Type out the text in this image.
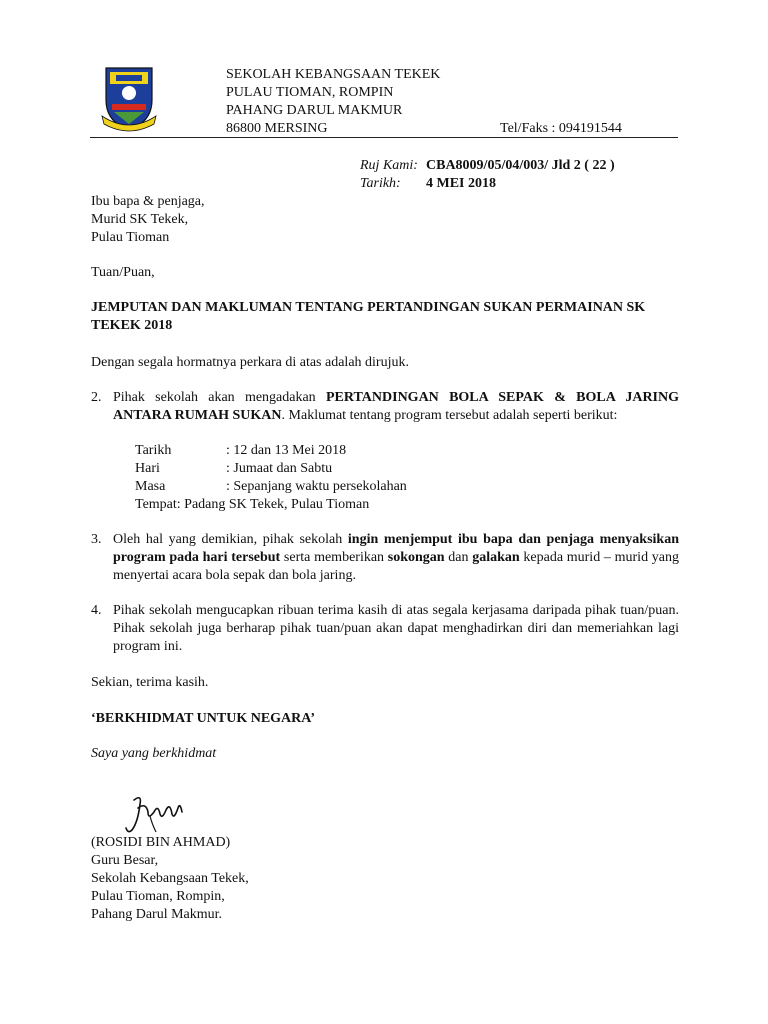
SEKOLAH KEBANGSAAN TEKEK
PULAU TIOMAN, ROMPIN
PAHANG DARUL MAKMUR
86800 MERSING	Tel/Faks : 094191544
Ruj Kami: CBA8009/05/04/003/ Jld 2 ( 22 )
Tarikh: 4 MEI 2018
Ibu bapa & penjaga,
Murid SK Tekek,
Pulau Tioman
Tuan/Puan,
JEMPUTAN DAN MAKLUMAN TENTANG PERTANDINGAN SUKAN PERMAINAN SK TEKEK 2018
Dengan segala hormatnya perkara di atas adalah dirujuk.
2. Pihak sekolah akan mengadakan PERTANDINGAN BOLA SEPAK & BOLA JARING ANTARA RUMAH SUKAN. Maklumat tentang program tersebut adalah seperti berikut:
Tarikh	: 12 dan 13 Mei 2018
Hari	: Jumaat dan Sabtu
Masa	: Sepanjang waktu persekolahan
Tempat: Padang SK Tekek, Pulau Tioman
3. Oleh hal yang demikian, pihak sekolah ingin menjemput ibu bapa dan penjaga menyaksikan program pada hari tersebut serta memberikan sokongan dan galakan kepada murid – murid yang menyertai acara bola sepak dan bola jaring.
4. Pihak sekolah mengucapkan ribuan terima kasih di atas segala kerjasama daripada pihak tuan/puan. Pihak sekolah juga berharap pihak tuan/puan akan dapat menghadirkan diri dan memeriahkan lagi program ini.
Sekian, terima kasih.
‘BERKHIDMAT UNTUK NEGARA’
Saya yang berkhidmat
(ROSIDI BIN AHMAD)
Guru Besar,
Sekolah Kebangsaan Tekek,
Pulau Tioman, Rompin,
Pahang Darul Makmur.
